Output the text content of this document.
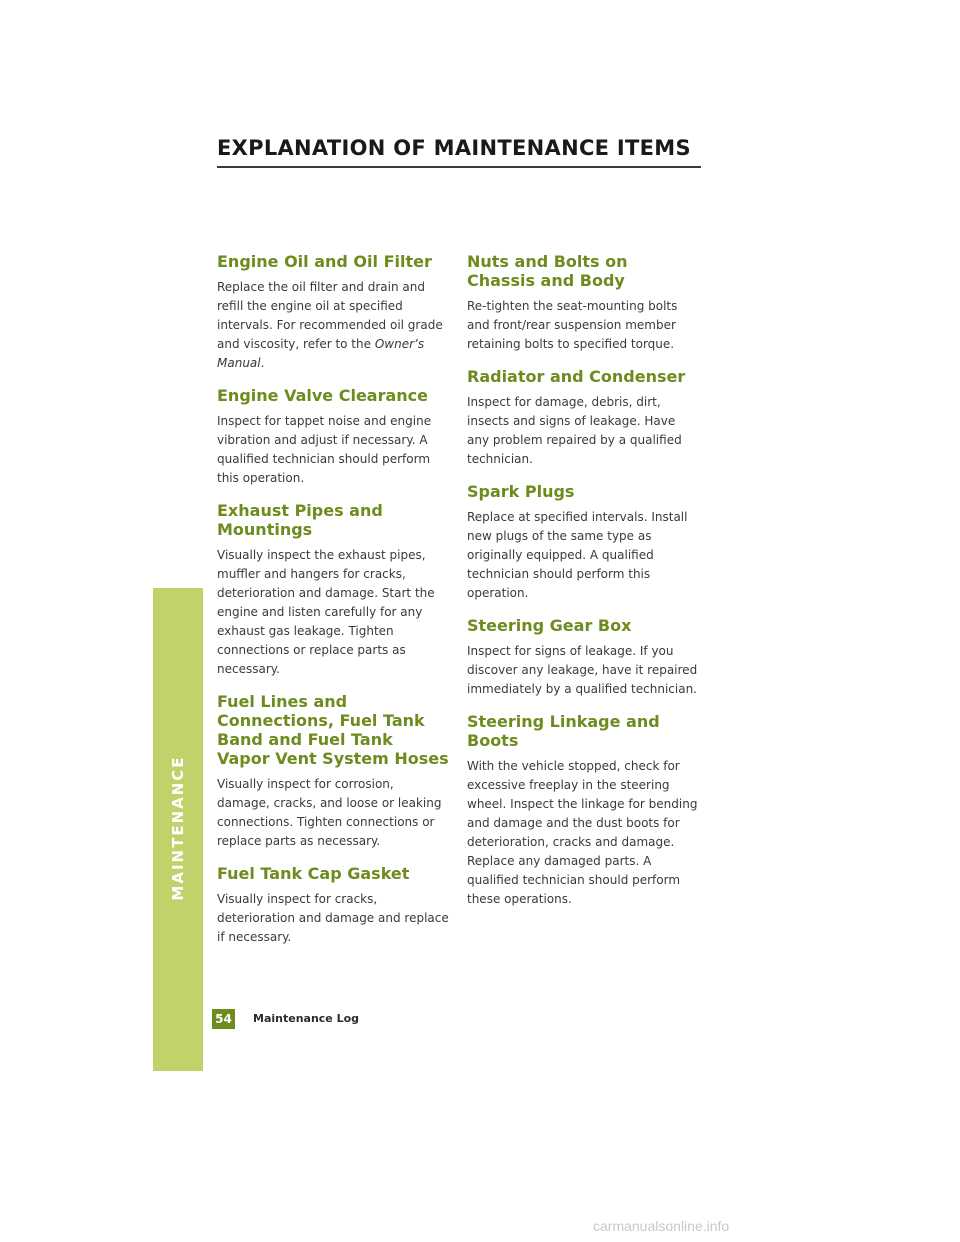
EXPLANATION OF MAINTENANCE ITEMS
Engine Oil and Oil Filter

Replace the oil filter and drain and refill the engine oil at specified intervals. For recommended oil grade and viscosity, refer to the Owner’s Manual.

Engine Valve Clearance

Inspect for tappet noise and engine vibration and adjust if necessary. A qualified technician should perform this operation.

Exhaust Pipes and Mountings

Visually inspect the exhaust pipes, muffler and hangers for cracks, deterioration and damage. Start the engine and listen carefully for any exhaust gas leakage. Tighten connections or replace parts as necessary.

Fuel Lines and Connections, Fuel Tank Band and Fuel Tank Vapor Vent System Hoses

Visually inspect for corrosion, damage, cracks, and loose or leaking connections. Tighten connections or replace parts as necessary.

Fuel Tank Cap Gasket

Visually inspect for cracks, deterioration and damage and replace if necessary.

Nuts and Bolts on Chassis and Body

Re-tighten the seat-mounting bolts and front/rear suspension member retaining bolts to specified torque.

Radiator and Condenser

Inspect for damage, debris, dirt, insects and signs of leakage. Have any problem repaired by a qualified technician.

Spark Plugs

Replace at specified intervals. Install new plugs of the same type as originally equipped. A qualified technician should perform this operation.

Steering Gear Box

Inspect for signs of leakage. If you discover any leakage, have it repaired immediately by a qualified technician.

Steering Linkage and Boots

With the vehicle stopped, check for excessive freeplay in the steering wheel. Inspect the linkage for bending and damage and the dust boots for deterioration, cracks and damage. Replace any damaged parts. A qualified technician should perform these operations.

MAINTENANCE
54 Maintenance Log
carmanualsonline.info
